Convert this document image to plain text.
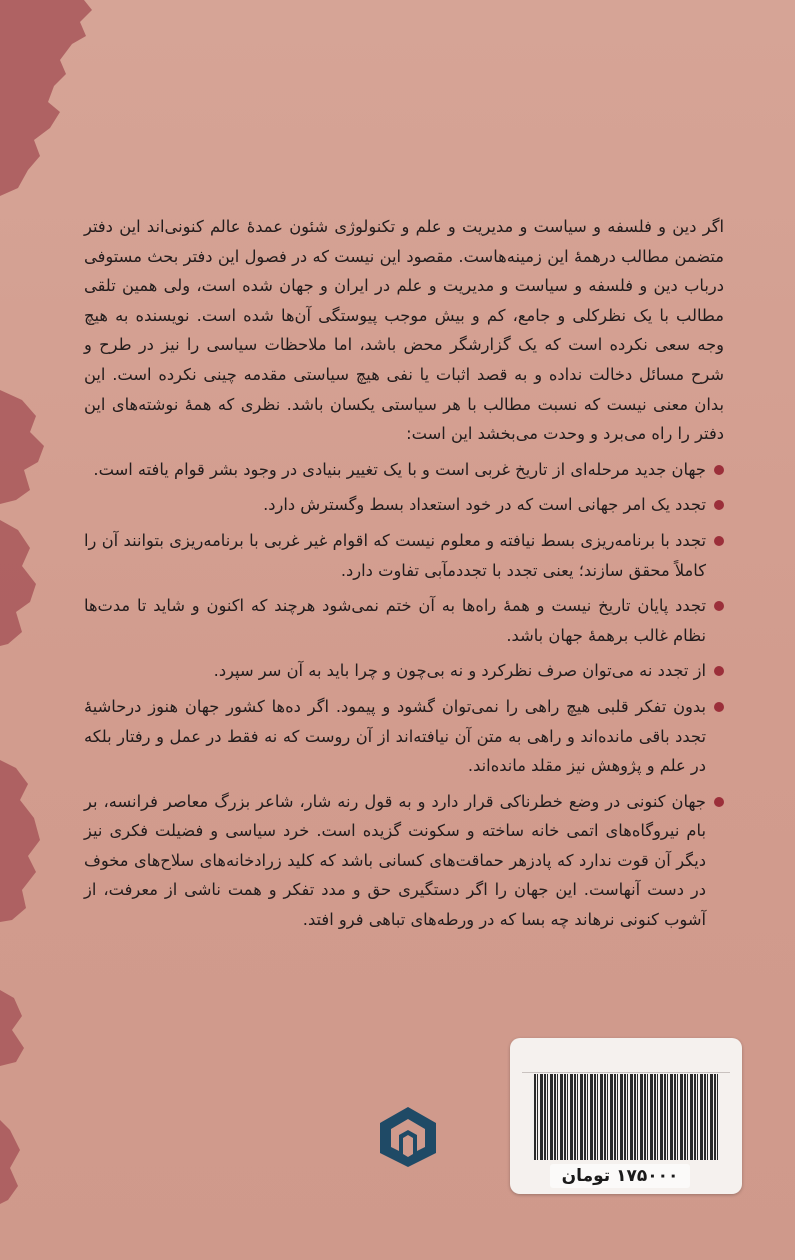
اگر دین و فلسفه و سیاست و مدیریت و علم و تکنولوژی شئون عمدهٔ عالم کنونی‌اند این دفتر متضمن مطالب درهمهٔ این زمینه‌هاست. مقصود این نیست که در فصول این دفتر بحث مستوفی درباب دین و فلسفه و سیاست و مدیریت و علم در ایران و جهان شده است، ولی همین تلقی مطالب با یک نظرکلی و جامع، کم و بیش موجب پیوستگی آن‌ها شده است. نویسنده به هیچ وجه سعی نکرده است که یک گزارشگر محض باشد، اما ملاحظات سیاسی را نیز در طرح و شرح مسائل دخالت نداده و به قصد اثبات یا نفی هیچ سیاستی مقدمه چینی نکرده است. این بدان معنی نیست که نسبت مطالب با هر سیاستی یکسان باشد. نظری که همهٔ نوشته‌های این دفتر را راه می‌برد و وحدت می‌بخشد این است:

جهان جدید مرحله‌ای از تاریخ غربی است و با یک تغییر بنیادی در وجود بشر قوام یافته است.
تجدد یک امر جهانی است که در خود استعداد بسط وگسترش دارد.
تجدد با برنامه‌ریزی بسط نیافته و معلوم نیست که اقوام غیر غربی با برنامه‌ریزی بتوانند آن را کاملاً محقق سازند؛ یعنی تجدد با تجددمآبی تفاوت دارد.
تجدد پایان تاریخ نیست و همهٔ راه‌ها به آن ختم نمی‌شود هرچند که اکنون و شاید تا مدت‌ها نظام غالب برهمهٔ جهان باشد.
از تجدد نه می‌توان صرف نظرکرد و نه بی‌چون و چرا باید به آن سر سپرد.
بدون تفکر قلبی هیچ راهی را نمی‌توان گشود و پیمود. اگر ده‌ها کشور جهان هنوز درحاشیهٔ تجدد باقی مانده‌اند و راهی به متن آن نیافته‌اند از آن روست که نه فقط در عمل و رفتار بلکه در علم و پژوهش نیز مقلد مانده‌اند.
جهان کنونی در وضع خطرناکی قرار دارد و به قول رنه شار، شاعر بزرگ معاصر فرانسه، بر بام نیروگاه‌های اتمی خانه ساخته و سکونت گزیده است. خرد سیاسی و فضیلت فکری نیز دیگر آن قوت ندارد که پادزهر حماقت‌های کسانی باشد که کلید زرادخانه‌های سلاح‌های مخوف در دست آنهاست. این جهان را اگر دستگیری حق و مدد تفکر و همت ناشی از معرفت، از آشوب کنونی نرهاند چه بسا که در ورطه‌های تباهی فرو افتد.
۱۷۵۰۰۰ تومان
